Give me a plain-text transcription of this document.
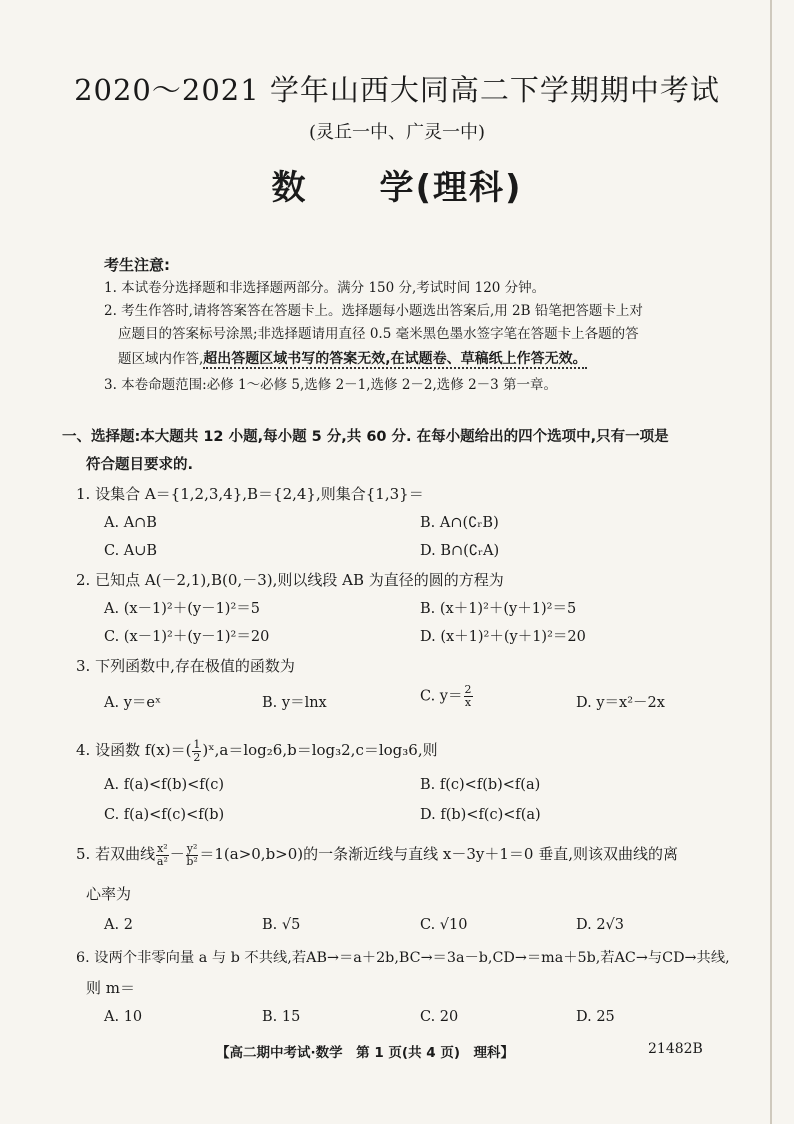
2020～2021 学年山西大同高二下学期期中考试
(灵丘一中、广灵一中)
数　　学(理科)
考生注意:
1. 本试卷分选择题和非选择题两部分。满分 150 分,考试时间 120 分钟。
2. 考生作答时,请将答案答在答题卡上。选择题每小题选出答案后,用 2B 铅笔把答题卡上对
应题目的答案标号涂黑;非选择题请用直径 0.5 毫米黑色墨水签字笔在答题卡上各题的答
题区域内作答,超出答题区域书写的答案无效,在试题卷、草稿纸上作答无效。
3. 本卷命题范围:必修 1～必修 5,选修 2－1,选修 2－2,选修 2－3 第一章。
一、选择题:本大题共 12 小题,每小题 5 分,共 60 分. 在每小题给出的四个选项中,只有一项是
符合题目要求的.
1. 设集合 A＝{1,2,3,4},B＝{2,4},则集合{1,3}＝
A. A∩B	B. A∩(∁ᵣB)
C. A∪B	D. B∩(∁ᵣA)
2. 已知点 A(－2,1),B(0,－3),则以线段 AB 为直径的圆的方程为
A. (x－1)²＋(y－1)²＝5	B. (x＋1)²＋(y＋1)²＝5
C. (x－1)²＋(y－1)²＝20	D. (x＋1)²＋(y＋1)²＝20
3. 下列函数中,存在极值的函数为
A. y＝eˣ	B. y＝lnx	C. $y= \frac{2}{x}$	D. y＝x²－2x
4. 设函数 $f(x)=( \frac{1}{2}$ )ˣ,a＝log₂6,b＝log₃2,c＝log₃6,则
A. f(a)<f(b)<f(c)	B. f(c)<f(b)<f(a)
C. f(a)<f(c)<f(b)	D. f(b)<f(c)<f(a)
5. 若双曲线 $\frac{\text{x²}}{\text{a²}} - \frac{\text{y²}}{\text{b²}} =1(a>0,b>0)$的一条渐近线与直线 x－3y＋1＝0 垂直,则该双曲线的离
心率为
A. 2	B. √5	C. √10	D. 2√3
6. 设两个非零向量 a 与 b 不共线,若AB→＝a＋2b,BC→＝3a－b,CD→＝ma＋5b,若AC→与CD→共线,
则 m＝
A. 10	B. 15	C. 20	D. 25
【高二期中考试·数学　第 1 页(共 4 页)　理科】	21482B
